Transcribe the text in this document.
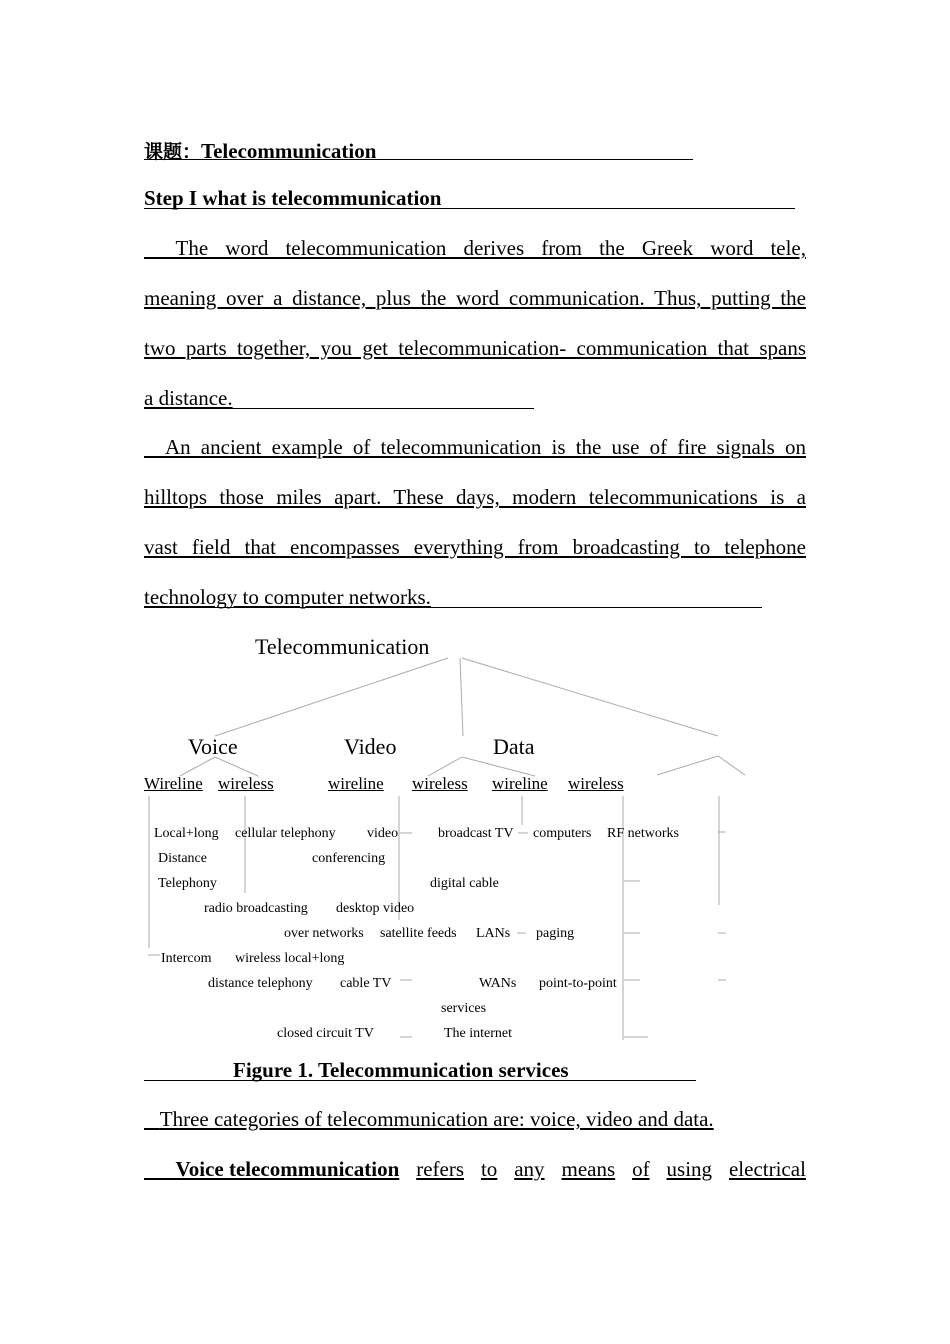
课题：Telecommunication
Step I what is telecommunication

The word telecommunication derives from the Greek word tele,
meaning over a distance, plus the word communication. Thus, putting the
two parts together, you get telecommunication- communication that spans
a distance.

An ancient example of telecommunication is the use of fire signals on
hilltops those miles apart. These days, modern telecommunications is a
vast field that encompasses everything from broadcasting to telephone
technology to computer networks.
Telecommunication
Voice	Video	Data
Wireline wireless	wireline wireless wireline wireless
Local+long cellular telephony video	broadcast TV computers RF networks
Distance	conferencing
Telephony	digital cable
radio broadcasting desktop video
over networks satellite feeds LANs paging
Intercom wireless local+long
distance telephony cable TV	WANs point-to-point
services
closed circuit TV	The internet
Figure 1. Telecommunication services
Three categories of telecommunication are: voice, video and data.
Voice telecommunication refers to any means of using electrical
